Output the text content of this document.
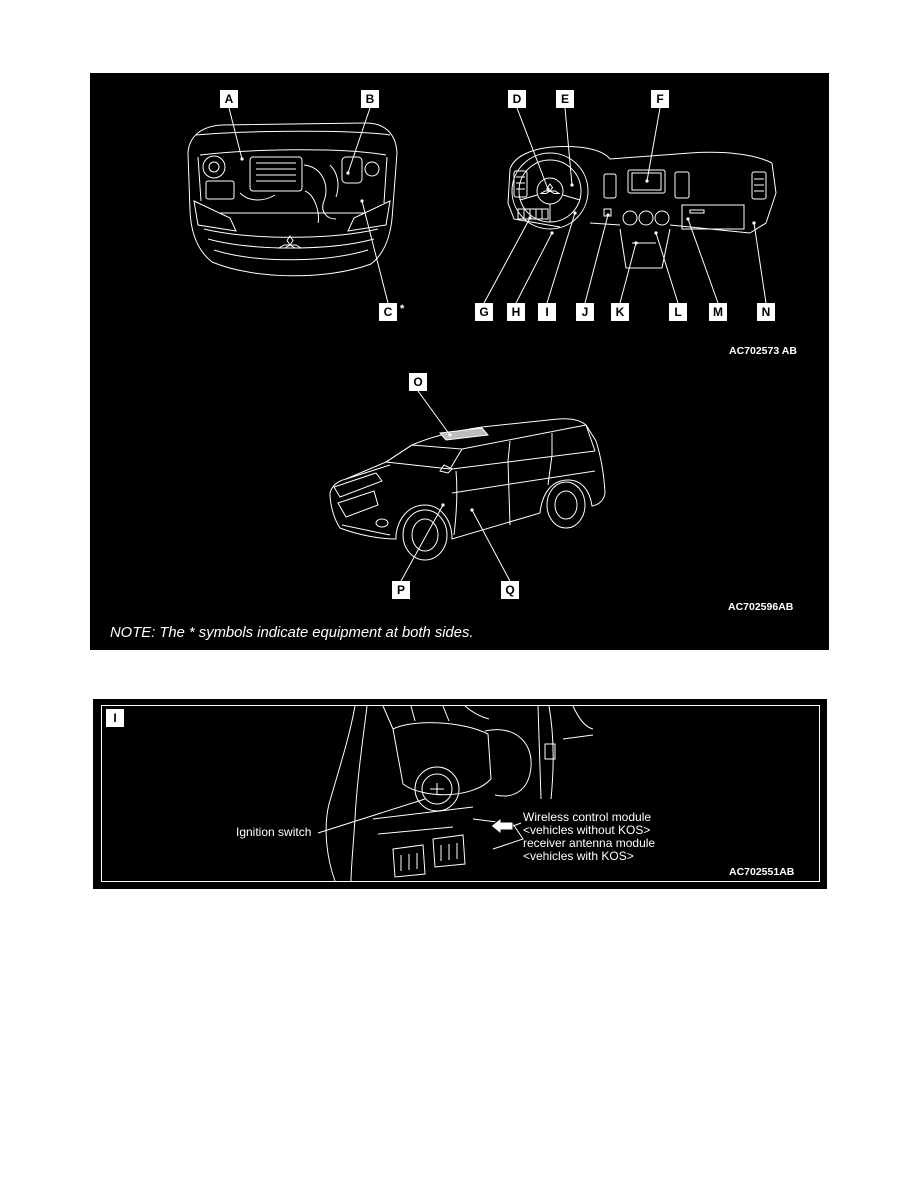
A	B
C *
D	E	F
G	H	I	J	K	L	M	N
O
P	Q
AC702573 AB
AC702596AB
NOTE: The * symbols indicate equipment at both sides.
I
Ignition switch
Wireless control module
<vehicles without KOS>
receiver antenna module
<vehicles with KOS>
AC702551AB
